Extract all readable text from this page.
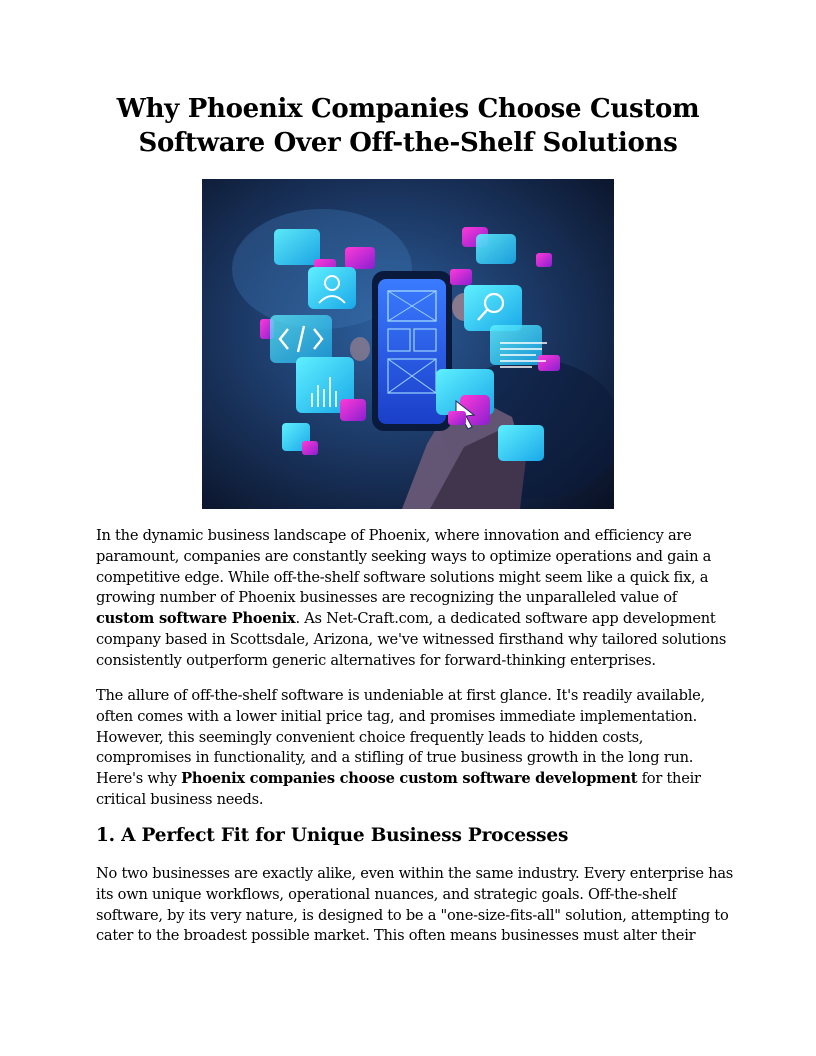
Why Phoenix Companies Choose Custom
Software Over Off-the-Shelf Solutions

In the dynamic business landscape of Phoenix, where innovation and efficiency are
paramount, companies are constantly seeking ways to optimize operations and gain a
competitive edge. While off-the-shelf software solutions might seem like a quick fix, a
growing number of Phoenix businesses are recognizing the unparalleled value of
custom software Phoenix. As Net-Craft.com, a dedicated software app development
company based in Scottsdale, Arizona, we've witnessed firsthand why tailored solutions
consistently outperform generic alternatives for forward-thinking enterprises.

The allure of off-the-shelf software is undeniable at first glance. It's readily available,
often comes with a lower initial price tag, and promises immediate implementation.
However, this seemingly convenient choice frequently leads to hidden costs,
compromises in functionality, and a stifling of true business growth in the long run.
Here's why Phoenix companies choose custom software development for their
critical business needs.

1. A Perfect Fit for Unique Business Processes

No two businesses are exactly alike, even within the same industry. Every enterprise has
its own unique workflows, operational nuances, and strategic goals. Off-the-shelf
software, by its very nature, is designed to be a "one-size-fits-all" solution, attempting to
cater to the broadest possible market. This often means businesses must alter their
